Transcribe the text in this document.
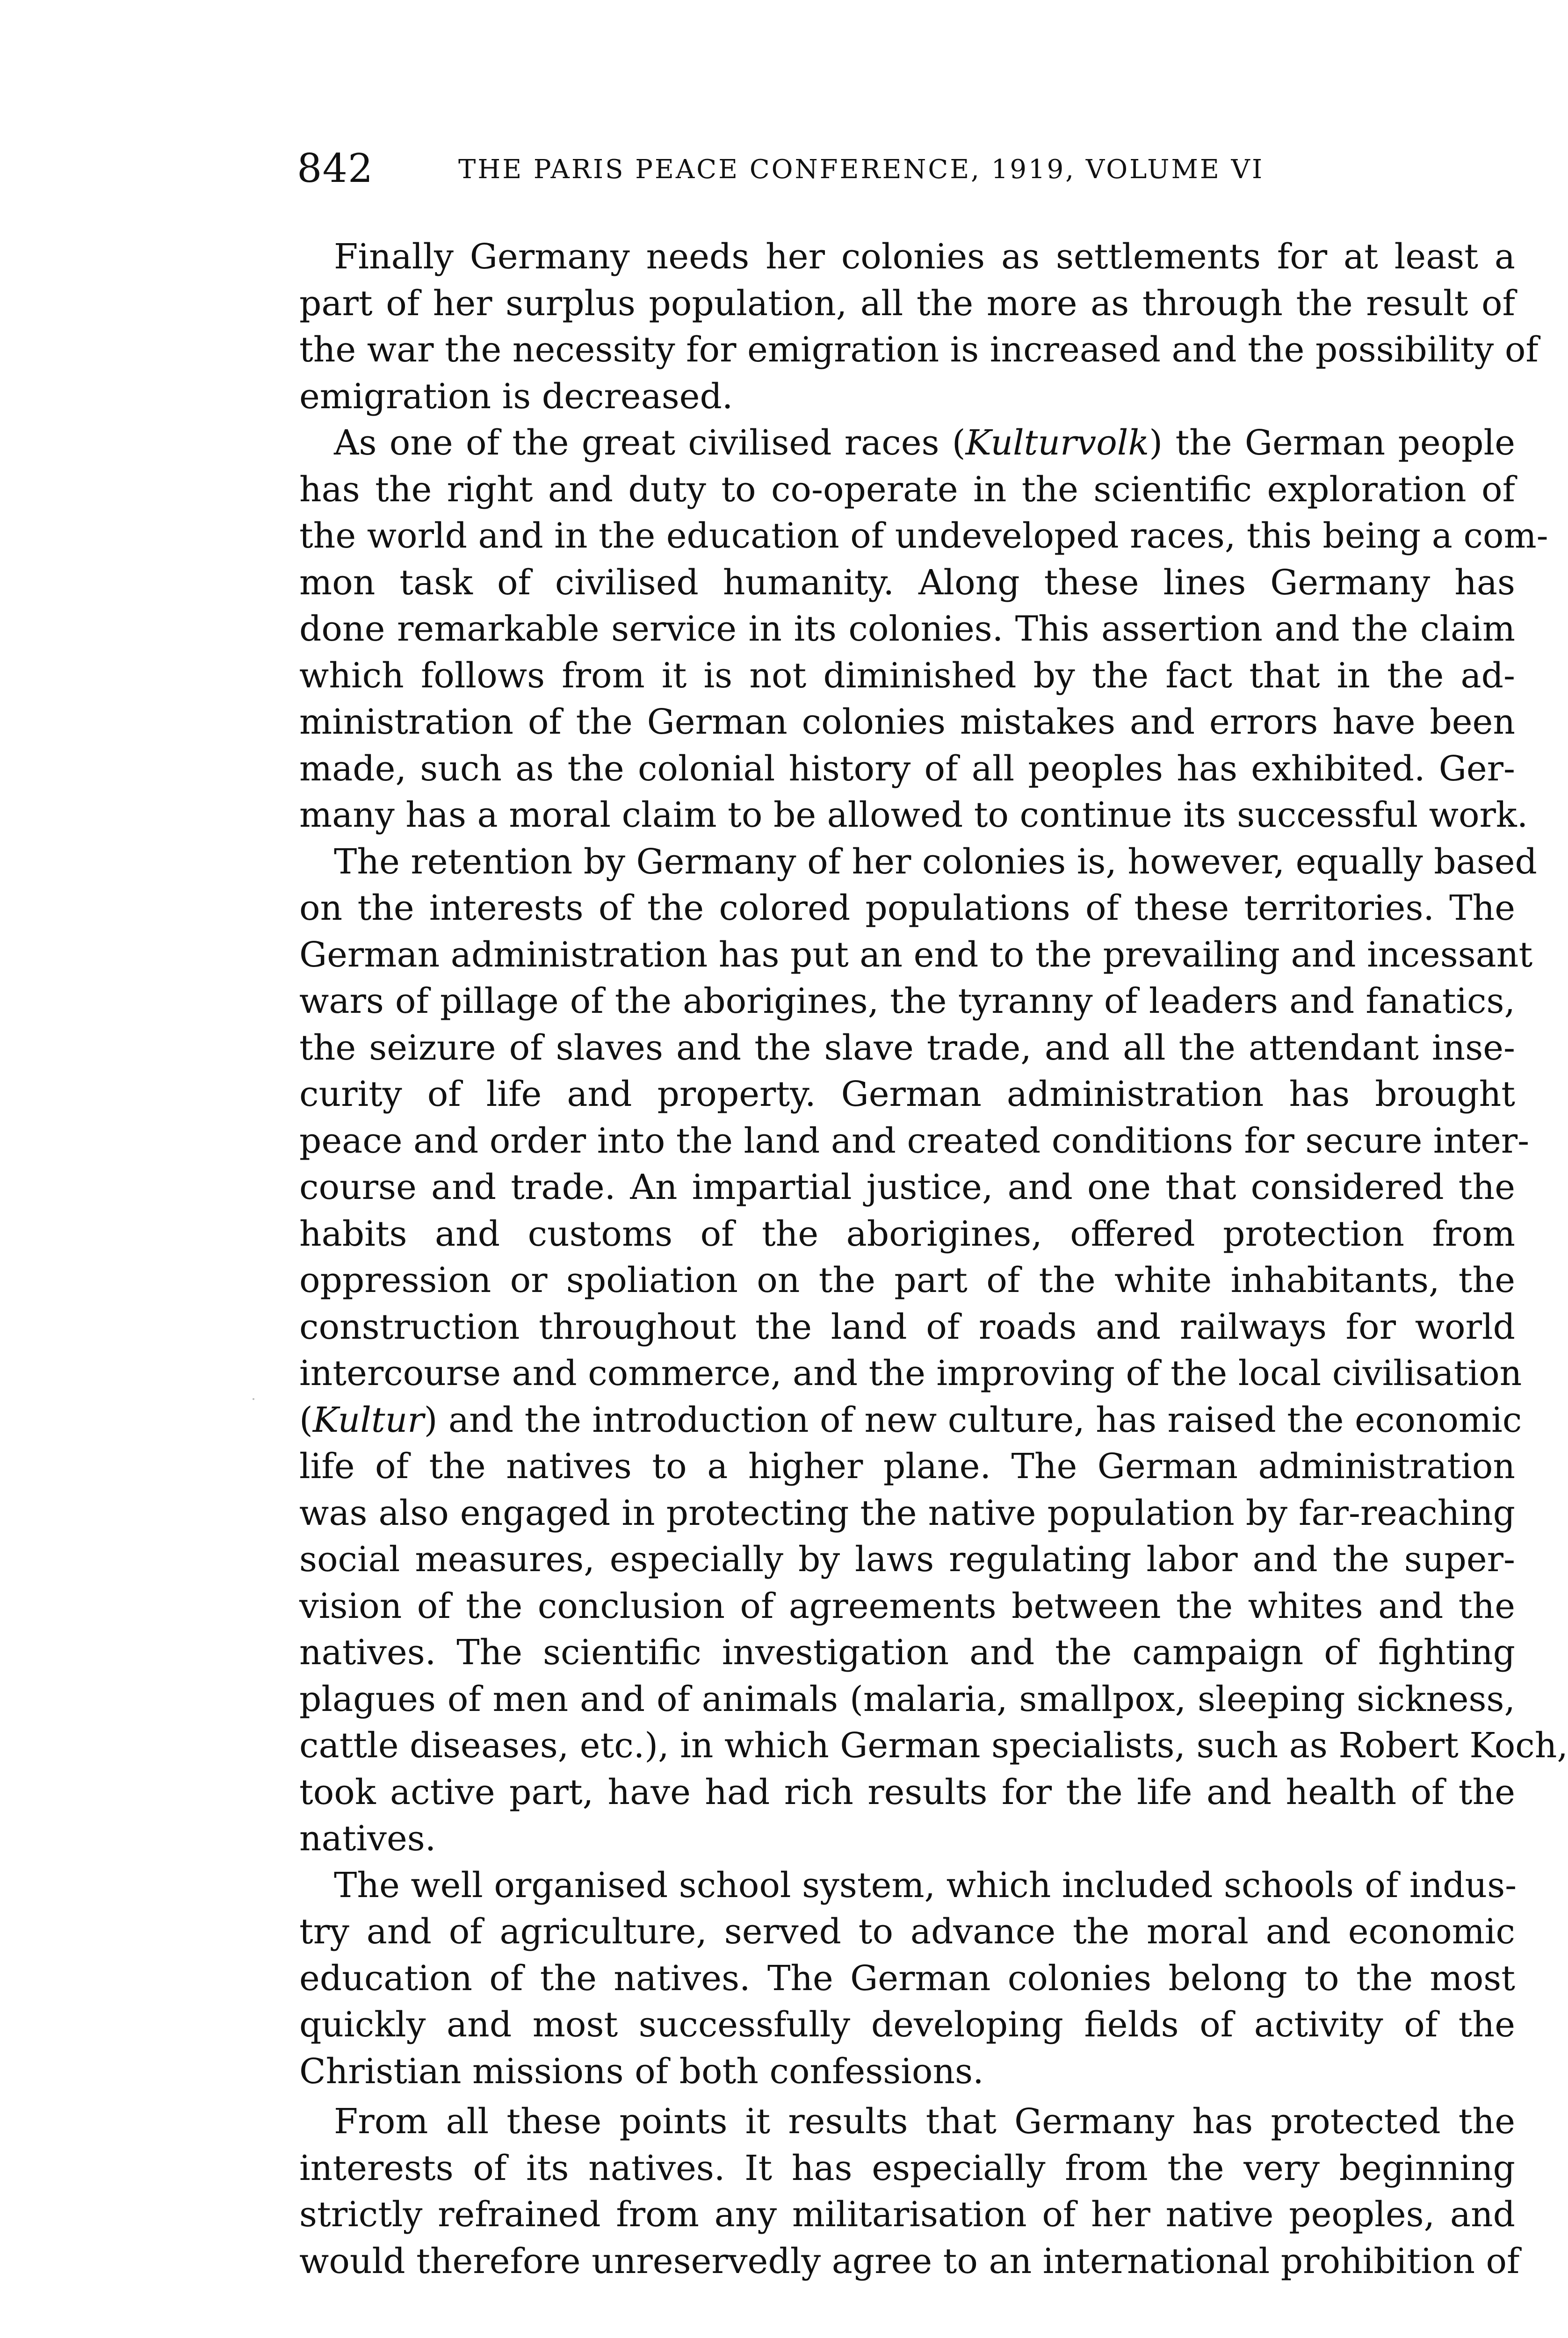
842	THE PARIS PEACE CONFERENCE, 1919, VOLUME VI
Finally Germany needs her colonies as settlements for at least a
part of her surplus population, all the more as through the result of
the war the necessity for emigration is increased and the possibility of
emigration is decreased.
As one of the great civilised races (Kulturvolk) the German people
has the right and duty to co-operate in the scientific exploration of
the world and in the education of undeveloped races, this being a com-
mon task of civilised humanity. Along these lines Germany has
done remarkable service in its colonies. This assertion and the claim
which follows from it is not diminished by the fact that in the ad-
ministration of the German colonies mistakes and errors have been
made, such as the colonial history of all peoples has exhibited. Ger-
many has a moral claim to be allowed to continue its successful work.
The retention by Germany of her colonies is, however, equally based
on the interests of the colored populations of these territories. The
German administration has put an end to the prevailing and incessant
wars of pillage of the aborigines, the tyranny of leaders and fanatics,
the seizure of slaves and the slave trade, and all the attendant inse-
curity of life and property. German administration has brought
peace and order into the land and created conditions for secure inter-
course and trade. An impartial justice, and one that considered the
habits and customs of the aborigines, offered protection from
oppression or spoliation on the part of the white inhabitants, the
construction throughout the land of roads and railways for world
intercourse and commerce, and the improving of the local civilisation
(Kultur) and the introduction of new culture, has raised the economic
life of the natives to a higher plane. The German administration
was also engaged in protecting the native population by far-reaching
social measures, especially by laws regulating labor and the super-
vision of the conclusion of agreements between the whites and the
natives. The scientific investigation and the campaign of fighting
plagues of men and of animals (malaria, smallpox, sleeping sickness,
cattle diseases, etc.), in which German specialists, such as Robert Koch,
took active part, have had rich results for the life and health of the
natives.
The well organised school system, which included schools of indus-
try and of agriculture, served to advance the moral and economic
education of the natives. The German colonies belong to the most
quickly and most successfully developing fields of activity of the
Christian missions of both confessions.
From all these points it results that Germany has protected the
interests of its natives. It has especially from the very beginning
strictly refrained from any militarisation of her native peoples, and
would therefore unreservedly agree to an international prohibition of
